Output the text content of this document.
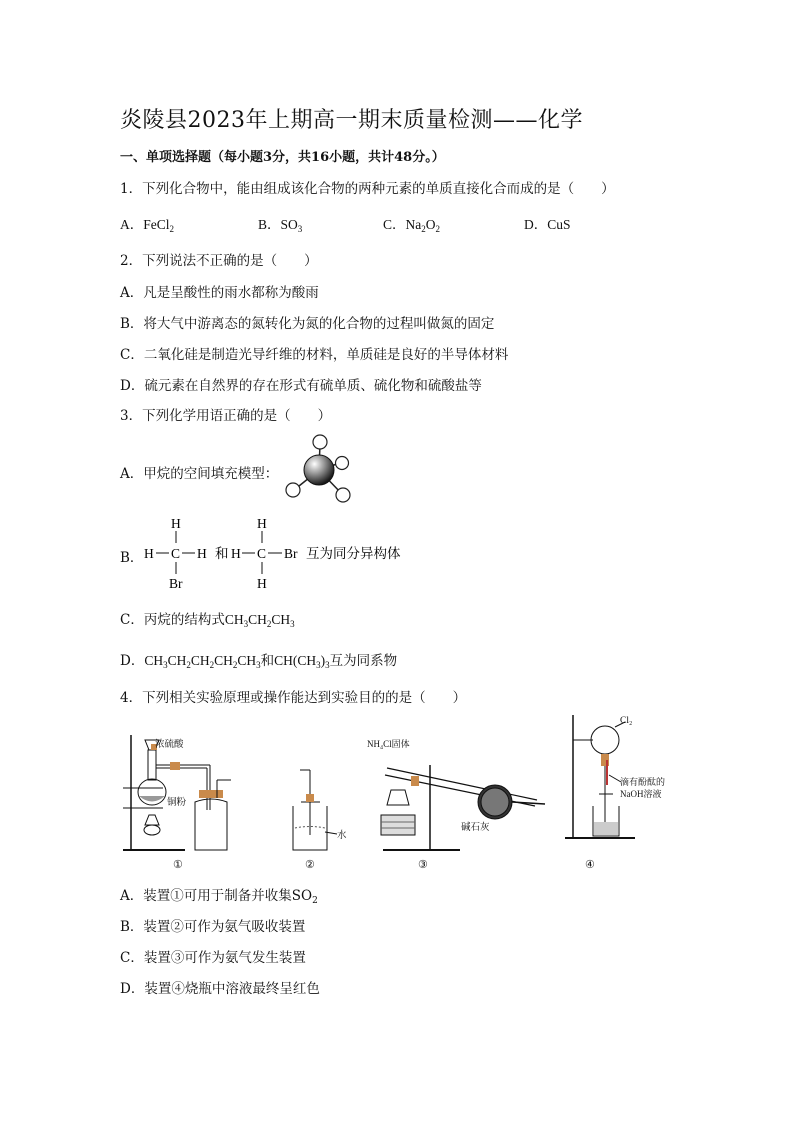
炎陵县2023年上期高一期末质量检测——化学
一、单项选择题（每小题3分，共16小题，共计48分。）
1．下列化合物中，能由组成该化合物的两种元素的单质直接化合而成的是（　　）
A．FeCl$_2$	B．$SO_3$	C．$Na_2O_2$	D．CuS
2．下列说法不正确的是（　　）
A．凡是呈酸性的雨水都称为酸雨
B．将大气中游离态的氮转化为氮的化合物的过程叫做氮的固定
C．二氧化硅是制造光导纤维的材料，单质硅是良好的半导体材料
D．硫元素在自然界的存在形式有硫单质、硫化物和硫酸盐等
3．下列化学用语正确的是（　　）
A．甲烷的空间填充模型：
B．
H
H C H
Br
和
H
H C Br
H
互为同分异构体
C．丙烷的结构式$CH_3CH_2CH_3$
D．$CH_3CH_2CH_2CH_2CH_3$和$CH(CH_3)_3$互为同系物
4．下列相关实验原理或操作能达到实验目的的是（　　）
浓硫酸
铜粉
①
水
②
NH₄Cl固体
碱石灰
③
Cl₂
滴有酚酞的
NaOH溶液
④
A．装置①可用于制备并收集$SO_2$
B．装置②可作为氨气吸收装置
C．装置③可作为氨气发生装置
D．装置④烧瓶中溶液最终呈红色
